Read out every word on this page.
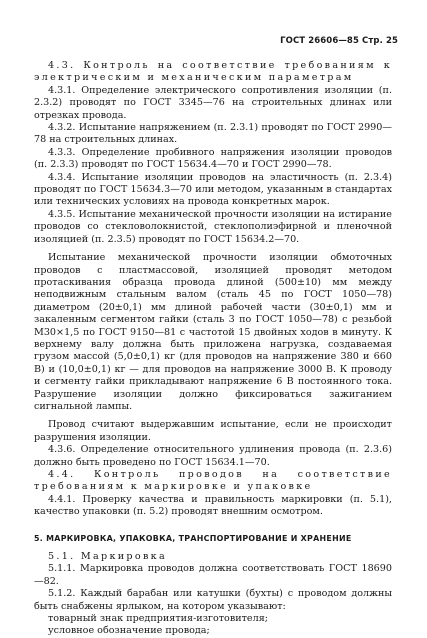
ГОСТ 26606—85 Стр. 25

4.3. Контроль на соответствие требованиям к электрическим и механическим параметрам

4.3.1. Определение электрического сопротивления изоляции (п. 2.3.2) проводят по ГОСТ 3345—76 на строительных длинах или отрезках провода.

4.3.2. Испытание напряжением (п. 2.3.1) проводят по ГОСТ 2990—78 на строительных длинах.

4.3.3. Определение пробивного напряжения изоляции проводов (п. 2.3.3) проводят по ГОСТ 15634.4—70 и ГОСТ 2990—78.

4.3.4. Испытание изоляции проводов на эластичность (п. 2.3.4) проводят по ГОСТ 15634.3—70 или методом, указанным в стандартах или технических условиях на провода конкретных марок.

4.3.5. Испытание механической прочности изоляции на истирание проводов со стекловолокнистой, стеклополиэфирной и пленочной изоляцией (п. 2.3.5) проводят по ГОСТ 15634.2—70.

Испытание механической прочности изоляции обмоточных проводов с пластмассовой, изоляцией проводят методом протаскивания образца провода длиной (500±10) мм между неподвижным стальным валом (сталь 45 по ГОСТ 1050—78) диаметром (20±0,1) мм длиной рабочей части (30±0,1) мм и закаленным сегментом гайки (сталь 3 по ГОСТ 1050—78) с резьбой М30×1,5 по ГОСТ 9150—81 с частотой 15 двойных ходов в минуту. К верхнему валу должна быть приложена нагрузка, создаваемая грузом массой (5,0±0,1) кг (для проводов на напряжение 380 и 660 В) и (10,0±0,1) кг — для проводов на напряжение 3000 В. К проводу и сегменту гайки прикладывают напряжение 6 В постоянного тока. Разрушение изоляции должно фиксироваться зажиганием сигнальной лампы.

Провод считают выдержавшим испытание, если не происходит разрушения изоляции.

4.3.6. Определение относительного удлинения провода (п. 2.3.6) должно быть проведено по ГОСТ 15634.1—70.

4.4. Контроль проводов на соответствие требованиям к маркировке и упаковке

4.4.1. Проверку качества и правильность маркировки (п. 5.1), качество упаковки (п. 5.2) проводят внешним осмотром.

5. МАРКИРОВКА, УПАКОВКА, ТРАНСПОРТИРОВАНИЕ И ХРАНЕНИЕ

5.1. Маркировка

5.1.1. Маркировка проводов должна соответствовать ГОСТ 18690—82.

5.1.2. Каждый барабан или катушки (бухты) с проводом должны быть снабжены ярлыком, на котором указывают:

товарный знак предприятия-изготовителя;

условное обозначение провода;
